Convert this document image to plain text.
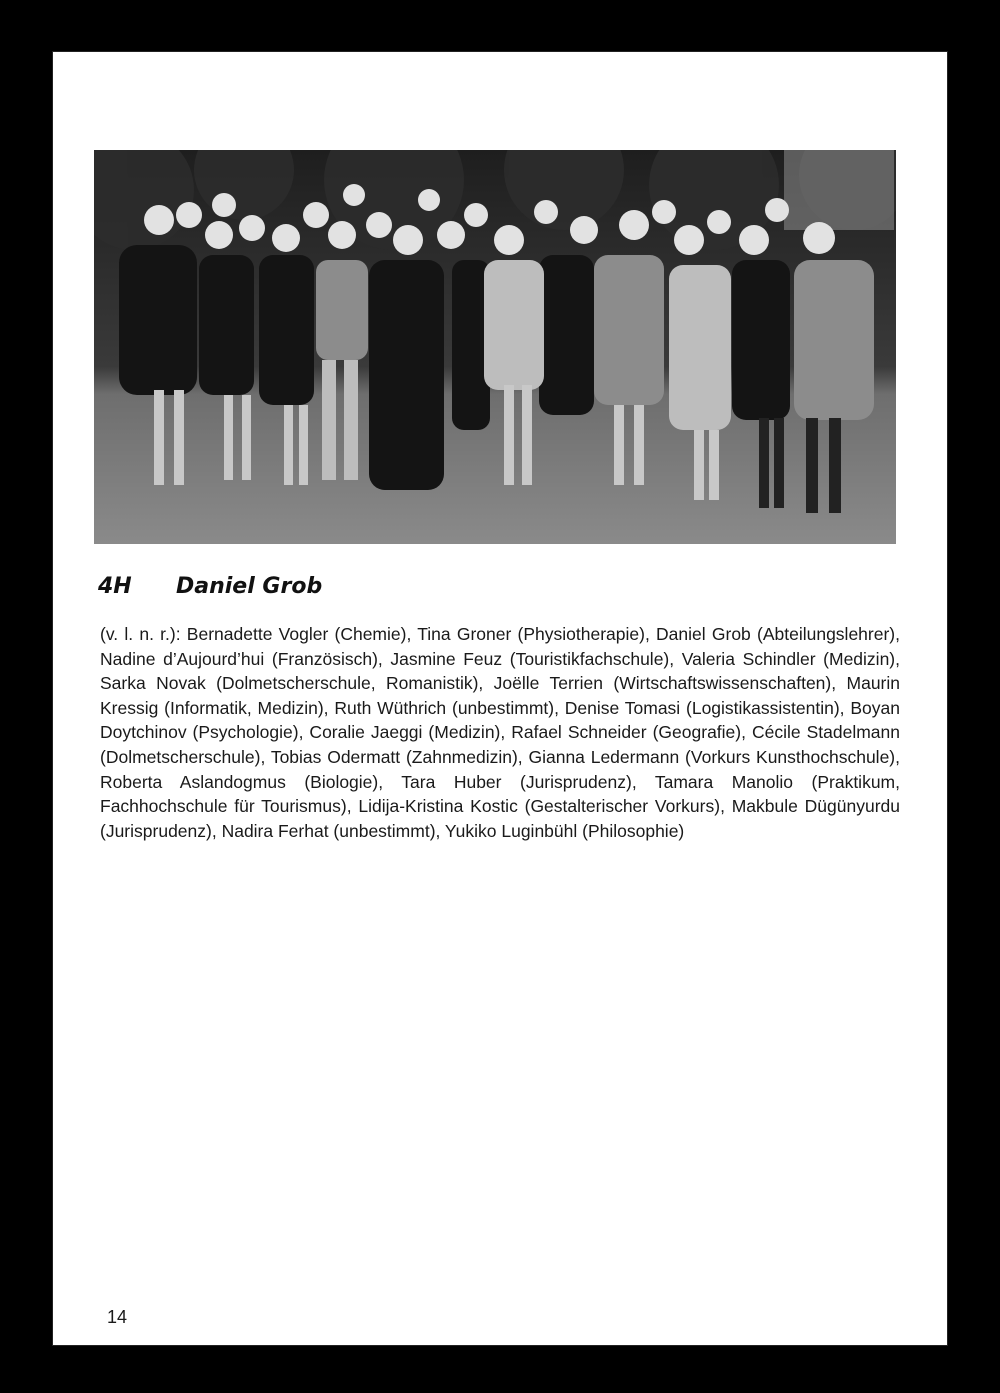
4H Daniel Grob
(v. l. n. r.): Bernadette Vogler (Chemie), Tina Groner (Physiotherapie), Daniel Grob (Abteilungslehrer), Nadine d’Aujourd’hui (Französisch), Jasmine Feuz (Touristikfachschule), Valeria Schindler (Medizin), Sarka Novak (Dolmetscherschule, Romanistik), Joëlle Terrien (Wirtschaftswissenschaften), Maurin Kressig (Informatik, Medizin), Ruth Wüthrich (unbestimmt), Denise Tomasi (Logistikassistentin), Boyan Doytchinov (Psychologie), Coralie Jaeggi (Medizin), Rafael Schneider (Geografie), Cécile Stadelmann (Dolmetscherschule), Tobias Odermatt (Zahnmedizin), Gianna Ledermann (Vorkurs Kunsthochschule), Roberta Aslandogmus (Biologie), Tara Huber (Jurisprudenz), Tamara Manolio (Praktikum, Fachhochschule für Tourismus), Lidija-Kristina Kostic (Gestalterischer Vorkurs), Makbule Dügünyurdu (Jurisprudenz), Nadira Ferhat (unbestimmt), Yukiko Luginbühl (Philosophie)
14
